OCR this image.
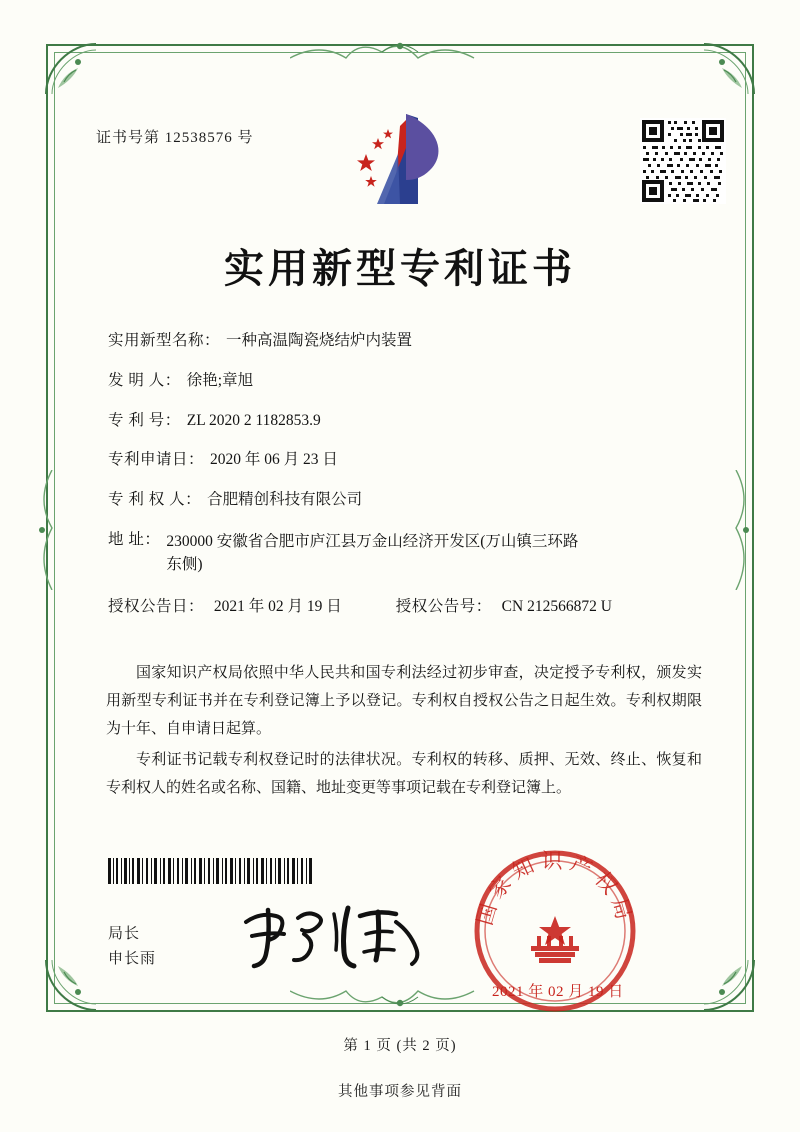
证书号第 12538576 号
实用新型专利证书
实用新型名称： 一种高温陶瓷烧结炉内装置
发 明 人： 徐艳;章旭
专 利 号： ZL 2020 2 1182853.9
专利申请日： 2020 年 06 月 23 日
专 利 权 人： 合肥精创科技有限公司
地 址： 230000 安徽省合肥市庐江县万金山经济开发区(万山镇三环路东侧)
授权公告日： 2021 年 02 月 19 日	授权公告号： CN 212566872 U

国家知识产权局依照中华人民共和国专利法经过初步审查，决定授予专利权，颁发实用新型专利证书并在专利登记簿上予以登记。专利权自授权公告之日起生效。专利权期限为十年、自申请日起算。

专利证书记载专利权登记时的法律状况。专利权的转移、质押、无效、终止、恢复和专利权人的姓名或名称、国籍、地址变更等事项记载在专利登记簿上。

局长
申长雨
国家知识产权局
2021 年 02 月 19 日
第 1 页 (共 2 页)
其他事项参见背面
